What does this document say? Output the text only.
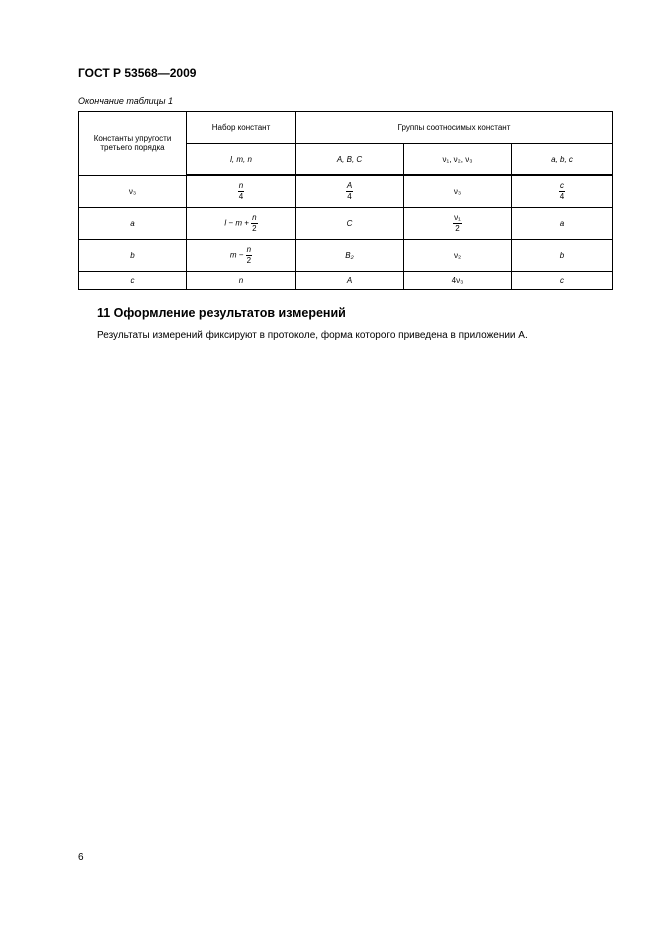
ГОСТ Р 53568—2009
Окончание таблицы 1
Константы упругости третьего порядка	Набор констант	Группы соотносимых констант		
	l, m, n	A, B, C	ν₁, ν₂, ν₃	a, b, c
ν₃	$\frac{n}{4}$	$\frac{A}{4}$	ν₃	$\frac{c}{4}$

a	$l - m + \frac{n}{2}$	C	$\frac{\text{ν₁}}{2}$	a
b	$m - \frac{n}{2}$	B₂	ν₂	b
c	n	A	4ν₃	c
11 Оформление результатов измерений
Результаты измерений фиксируют в протоколе, форма которого приведена в приложении А.
6
